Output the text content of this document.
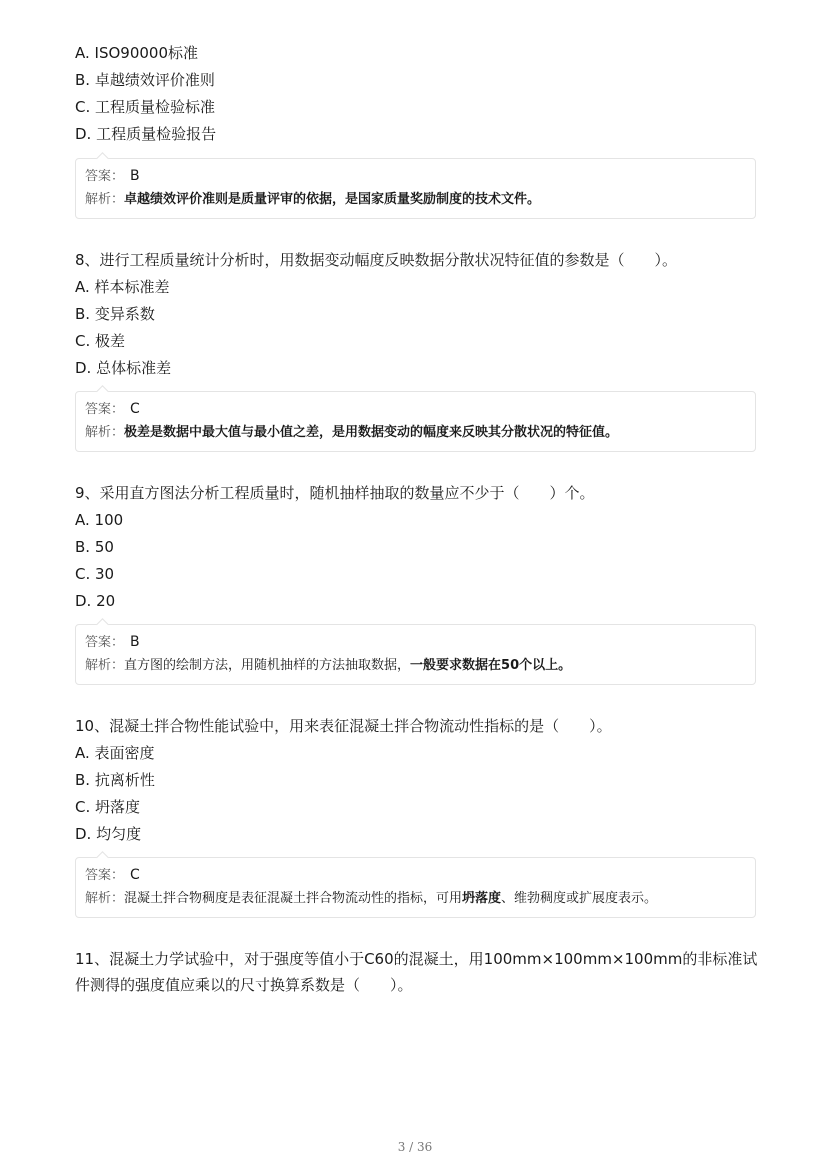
A. ISO90000标准
B. 卓越绩效评价准则
C. 工程质量检验标准
D. 工程质量检验报告
答案： B
解析：卓越绩效评价准则是质量评审的依据，是国家质量奖励制度的技术文件。
8、进行工程质量统计分析时，用数据变动幅度反映数据分散状况特征值的参数是（　　）。
A. 样本标准差
B. 变异系数
C. 极差
D. 总体标准差
答案： C
解析：极差是数据中最大值与最小值之差，是用数据变动的幅度来反映其分散状况的特征值。
9、采用直方图法分析工程质量时，随机抽样抽取的数量应不少于（　　）个。
A. 100
B. 50
C. 30
D. 20
答案： B
解析：直方图的绘制方法，用随机抽样的方法抽取数据，一般要求数据在50个以上。
10、混凝土拌合物性能试验中，用来表征混凝土拌合物流动性指标的是（　　）。
A. 表面密度
B. 抗离析性
C. 坍落度
D. 均匀度
答案： C
解析：混凝土拌合物稠度是表征混凝土拌合物流动性的指标，可用坍落度、维勃稠度或扩展度表示。
11、混凝土力学试验中，对于强度等值小于C60的混凝土，用100mm×100mm×100mm的非标准试件测得的强度值应乘以的尺寸换算系数是（　　）。
3 / 36
